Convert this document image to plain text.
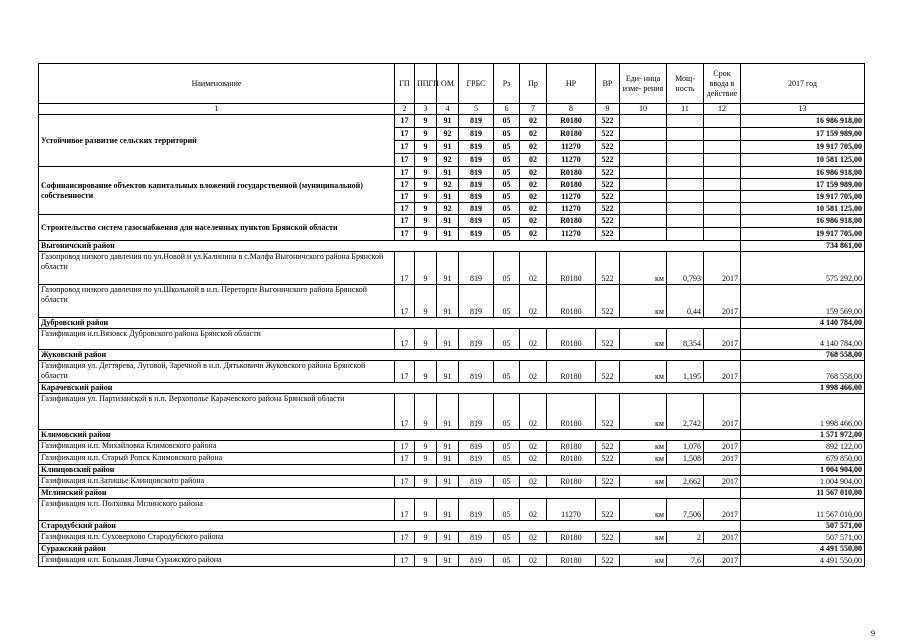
Наименование	ГП	ППГП	ОМ	ГРБС	Рз	Пр	НР	ВР	Еди- ница изме- рения	Мощ- ность	Срок ввода в действие	2017 год
1	2	3	4	5	6	7	8	9	10	11	12	13
Устойчивое развитие сельских территорий	17	9	91	819	05	02	R0180	522				16 986 918,00
	17	9	92	819	05	02	R0180	522				17 159 989,00
	17	9	91	819	05	02	11270	522				19 917 705,00
	17	9	92	819	05	02	11270	522				10 581 125,00
Софинансирование объектов капитальных вложений государственной (муниципальной) собственности	17	9	91	819	05	02	R0180	522				16 986 918,00
	17	9	92	819	05	02	R0180	522				17 159 989,00
	17	9	91	819	05	02	11270	522				19 917 705,00
	17	9	92	819	05	02	11270	522				10 581 125,00
Строительство систем газоснабжения для населенных пунктов Брянской области	17	9	91	819	05	02	R0180	522				16 986 918,00
	17	9	91	819	05	02	11270	522				19 917 705,00
Выгоничский район												734 861,00
Газопровод низкого давления по ул.Новой и ул.Калинина в с.Малфа Выгоничского района Брянской области	17	9	91	819	05	02	R0180	522	км	0,793	2017	575 292,00
Газопровод низкого давления по ул.Школьной в н.п. Переторги Выгоничского района Брянской области	17	9	91	819	05	02	R0180	522	км	0,44	2017	159 569,00
Дубровский район												4 140 784,00
Газификация н.п.Вязовск Дубровского района Брянской области	17	9	91	819	05	02	R0180	522	км	8,354	2017	4 140 784,00
Жуковский район												768 558,00
Газификация ул. Дегтярева, Луговой, Заречной в н.п. Дятьковичи Жуковского района Брянской области	17	9	91	819	05	02	R0180	522	км	1,195	2017	768 558,00
Карачевский район												1 998 466,00
Газификация ул. Партизанской в н.п. Верхополье Карачевского района Брянской области	17	9	91	819	05	02	R0180	522	км	2,742	2017	1 998 466,00
Климовский район												1 571 972,00
Газификация н.п. Михайловка Климовского района	17	9	91	819	05	02	R0180	522	км	1,076	2017	892 122,00
Газификация н.п. Старый Ропск Климовского района	17	9	91	819	05	02	R0180	522	км	1,508	2017	679 850,00
Клинцовский район												1 004 904,00
Газификация н.п.Затишье Клинцовского района	17	9	91	819	05	02	R0180	522	км	2,662	2017	1 004 904,00
Мглинский район												11 567 010,00
Газификация н.п. Полховка Мглинского района	17	9	91	819	05	02	11270	522	км	7,506	2017	11 567 010,00
Стародубский район												507 571,00
Газификация н.п. Суховерхово Стародубского района	17	9	91	819	05	02	R0180	522	км	2	2017	507 571,00
Суражский район												4 491 550,00
Газификация н.п. Большая Ловча Суражского района	17	9	91	819	05	02	R0180	522	км	7,6	2017	4 491 550,00
9
